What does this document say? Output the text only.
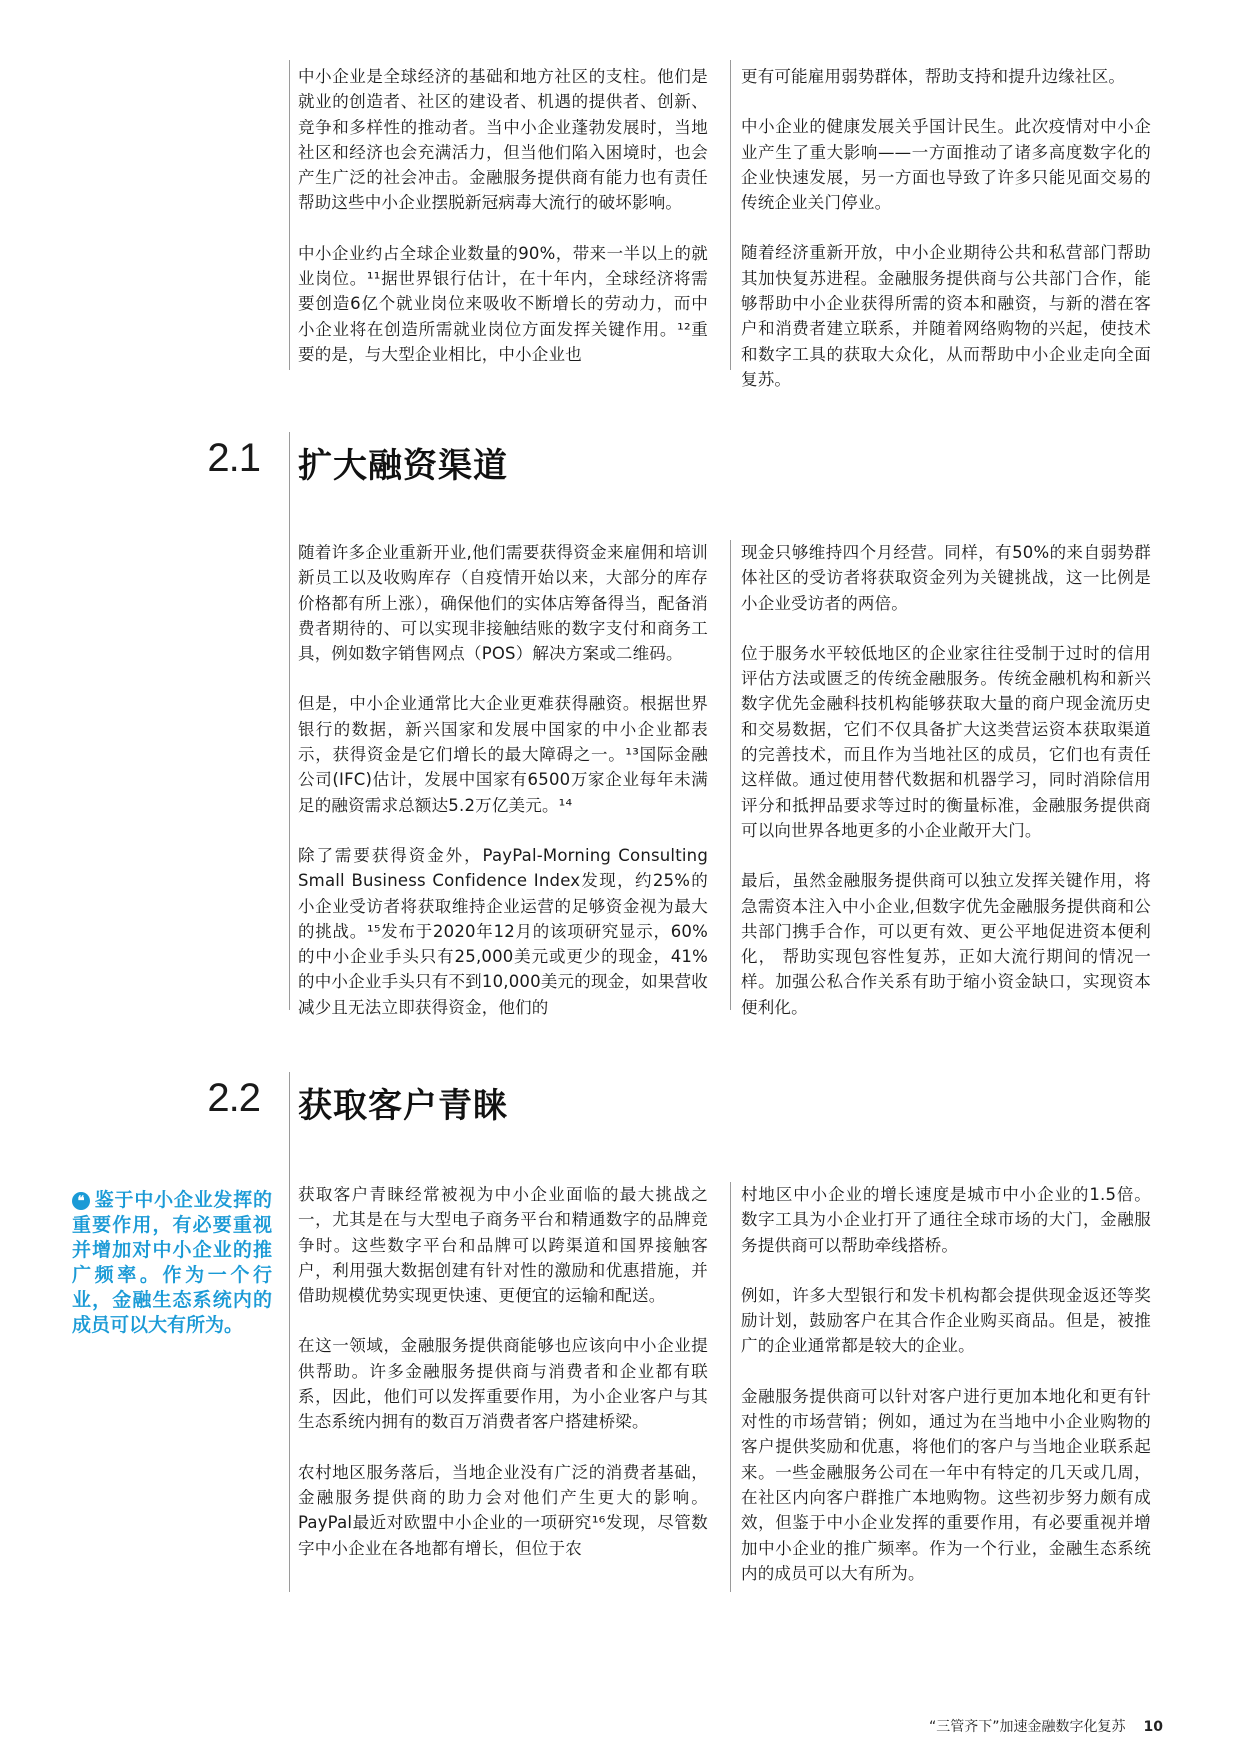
中小企业是全球经济的基础和地方社区的支柱。他们是就业的创造者、社区的建设者、机遇的提供者、创新、竞争和多样性的推动者。当中小企业蓬勃发展时，当地社区和经济也会充满活力，但当他们陷入困境时，也会产生广泛的社会冲击。金融服务提供商有能力也有责任帮助这些中小企业摆脱新冠病毒大流行的破坏影响。

中小企业约占全球企业数量的90%，带来一半以上的就业岗位。¹¹据世界银行估计，在十年内，全球经济将需要创造6亿个就业岗位来吸收不断增长的劳动力，而中小企业将在创造所需就业岗位方面发挥关键作用。¹²重要的是，与大型企业相比，中小企业也

更有可能雇用弱势群体，帮助支持和提升边缘社区。

中小企业的健康发展关乎国计民生。此次疫情对中小企业产生了重大影响——一方面推动了诸多高度数字化的企业快速发展，另一方面也导致了许多只能见面交易的传统企业关门停业。

随着经济重新开放，中小企业期待公共和私营部门帮助其加快复苏进程。金融服务提供商与公共部门合作，能够帮助中小企业获得所需的资本和融资，与新的潜在客户和消费者建立联系，并随着网络购物的兴起，使技术和数字工具的获取大众化，从而帮助中小企业走向全面复苏。

2.1 扩大融资渠道

随着许多企业重新开业,他们需要获得资金来雇佣和培训新员工以及收购库存（自疫情开始以来，大部分的库存价格都有所上涨），确保他们的实体店筹备得当，配备消费者期待的、可以实现非接触结账的数字支付和商务工具，例如数字销售网点（POS）解决方案或二维码。

但是，中小企业通常比大企业更难获得融资。根据世界银行的数据，新兴国家和发展中国家的中小企业都表示，获得资金是它们增长的最大障碍之一。¹³国际金融公司(IFC)估计，发展中国家有6500万家企业每年未满足的融资需求总额达5.2万亿美元。¹⁴

除了需要获得资金外，PayPal-Morning Consulting Small Business Confidence Index发现，约25%的小企业受访者将获取维持企业运营的足够资金视为最大的挑战。¹⁵发布于2020年12月的该项研究显示，60%的中小企业手头只有25,000美元或更少的现金，41%的中小企业手头只有不到10,000美元的现金，如果营收减少且无法立即获得资金，他们的

现金只够维持四个月经营。同样，有50%的来自弱势群体社区的受访者将获取资金列为关键挑战，这一比例是小企业受访者的两倍。

位于服务水平较低地区的企业家往往受制于过时的信用评估方法或匮乏的传统金融服务。传统金融机构和新兴数字优先金融科技机构能够获取大量的商户现金流历史和交易数据，它们不仅具备扩大这类营运资本获取渠道的完善技术，而且作为当地社区的成员，它们也有责任这样做。通过使用替代数据和机器学习，同时消除信用评分和抵押品要求等过时的衡量标准，金融服务提供商可以向世界各地更多的小企业敞开大门。

最后，虽然金融服务提供商可以独立发挥关键作用，将急需资本注入中小企业,但数字优先金融服务提供商和公共部门携手合作，可以更有效、更公平地促进资本便利化， 帮助实现包容性复苏，正如大流行期间的情况一样。加强公私合作关系有助于缩小资金缺口，实现资本便利化。

2.2 获取客户青睐
❝ 鉴于中小企业发挥的重要作用，有必要重视并增加对中小企业的推广频率。作为一个行业，金融生态系统内的 成员可以大有所为。

获取客户青睐经常被视为中小企业面临的最大挑战之一，尤其是在与大型电子商务平台和精通数字的品牌竞争时。这些数字平台和品牌可以跨渠道和国界接触客户，利用强大数据创建有针对性的激励和优惠措施，并借助规模优势实现更快速、更便宜的运输和配送。

在这一领域，金融服务提供商能够也应该向中小企业提供帮助。许多金融服务提供商与消费者和企业都有联系，因此，他们可以发挥重要作用，为小企业客户与其生态系统内拥有的数百万消费者客户搭建桥梁。

农村地区服务落后，当地企业没有广泛的消费者基础，金融服务提供商的助力会对他们产生更大的影响。PayPal最近对欧盟中小企业的一项研究¹⁶发现，尽管数字中小企业在各地都有增长，但位于农

村地区中小企业的增长速度是城市中小企业的1.5倍。数字工具为小企业打开了通往全球市场的大门，金融服务提供商可以帮助牵线搭桥。

例如，许多大型银行和发卡机构都会提供现金返还等奖励计划，鼓励客户在其合作企业购买商品。但是，被推广的企业通常都是较大的企业。

金融服务提供商可以针对客户进行更加本地化和更有针对性的市场营销；例如，通过为在当地中小企业购物的客户提供奖励和优惠，将他们的客户与当地企业联系起来。一些金融服务公司在一年中有特定的几天或几周，在社区内向客户群推广本地购物。这些初步努力颇有成效，但鉴于中小企业发挥的重要作用，有必要重视并增加中小企业的推广频率。作为一个行业，金融生态系统内的成员可以大有所为。

“三管齐下”加速金融数字化复苏 10
